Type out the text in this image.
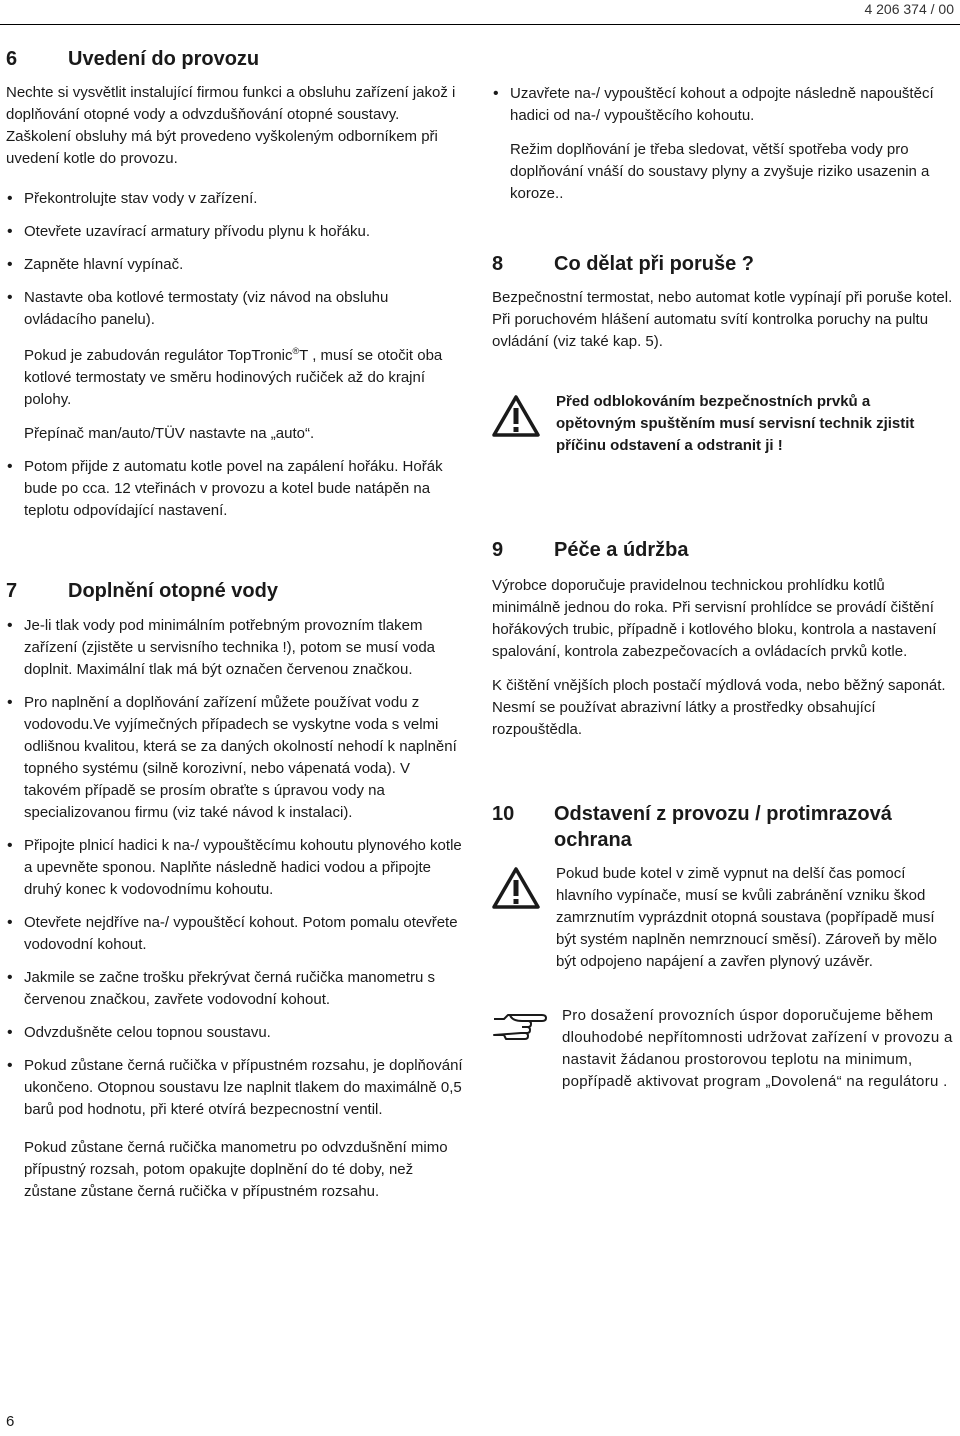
4 206 374 / 00
6	Uvedení do provozu

Nechte si vysvětlit instalující firmou funkci a obsluhu zařízení jakož i doplňování otopné vody a odvzdušňování otopné soustavy. Zaškolení obsluhy má být provedeno vyškoleným odborníkem při uvedení kotle do provozu.

• Překontrolujte stav vody v zařízení.
• Otevřete uzavírací armatury přívodu plynu k hořáku.
• Zapněte hlavní vypínač.
• Nastavte oba kotlové termostaty (viz návod na obsluhu ovládacího panelu).

Pokud je zabudován regulátor TopTronic®T , musí se otočit oba kotlové termostaty ve směru hodinových ručiček až do krajní polohy.

Přepínač man/auto/TÜV nastavte na „auto“.

• Potom přijde z automatu kotle povel na zapálení hořáku. Hořák bude po cca. 12 vteřinách v provozu a kotel bude natápěn na teplotu odpovídající nastavení.
7	Doplnění otopné vody
• Je-li tlak vody pod minimálním potřebným provozním tlakem zařízení (zjistěte u servisního technika !), potom se musí voda doplnit. Maximální tlak má být označen červenou značkou.
• Pro naplnění a doplňování zařízení můžete používat vodu z vodovodu.Ve vyjímečných případech se vyskytne voda s velmi odlišnou kvalitou, která se za daných okolností nehodí k naplnění topného systému (silně korozivní, nebo vápenatá voda). V takovém případě se prosím obraťte s úpravou vody na specializovanou firmu (viz také návod k instalaci).
• Připojte plnicí hadici k na-/ vypouštěcímu kohoutu plynového kotle a upevněte sponou. Naplňte následně hadici vodou a připojte druhý konec k vodovodnímu kohoutu.
• Otevřete nejdříve na-/ vypouštěcí kohout. Potom pomalu otevřete vodovodní kohout.
• Jakmile se začne trošku překrývat černá ručička manometru s červenou značkou, zavřete vodovodní kohout.
• Odvzdušněte celou topnou soustavu.
• Pokud zůstane černá ručička v přípustném rozsahu, je doplňování ukončeno. Otopnou soustavu lze naplnit tlakem do maximálně 0,5 barů pod hodnotu, při které otvírá bezpecnostní ventil.

Pokud zůstane černá ručička manometru po odvzdušnění mimo přípustný rozsah, potom opakujte doplnění do té doby, než zůstane zůstane černá ručička v přípustném rozsahu.

• Uzavřete na-/ vypouštěcí kohout a odpojte následně napouštěcí hadici od na-/ vypouštěcího kohoutu.

Režim doplňování je třeba sledovat, větší spotřeba vody pro doplňování vnáší do soustavy plyny a zvyšuje riziko usazenin a koroze..

8	Co dělat při poruše ?

Bezpečnostní termostat, nebo automat kotle vypínají při poruše kotel. Při poruchovém hlášení automatu svítí kontrolka poruchy na pultu ovládání (viz také kap. 5).

Před odblokováním bezpečnostních prvků a opětovným spuštěním musí servisní technik zjistit příčinu odstavení a odstranit ji !

9	Péče a údržba

Výrobce doporučuje pravidelnou technickou prohlídku kotlů minimálně jednou do roka. Při servisní prohlídce se provádí čištění hořákových trubic, případně i kotlového bloku, kontrola a nastavení spalování, kontrola zabezpečovacích a ovládacích prvků kotle.

K čištění vnějších ploch postačí mýdlová voda, nebo běžný saponát. Nesmí se používat abrazivní látky a prostředky obsahující rozpouštědla.

10	Odstavení z provozu / protimrazová ochrana

Pokud bude kotel v zimě vypnut na delší čas pomocí hlavního vypínače, musí se kvůli zabránění vzniku škod zamrznutím vyprázdnit otopná soustava (popřípadě musí být systém naplněn nemrznoucí směsí). Zároveň by mělo být odpojeno napájení a zavřen plynový uzávěr.

Pro dosažení provozních úspor doporučujeme během dlouhodobé nepřítomnosti udržovat zařízení v provozu a nastavit žádanou prostorovou teplotu na minimum, popřípadě aktivovat program „Dovolená“ na regulátoru .

6
